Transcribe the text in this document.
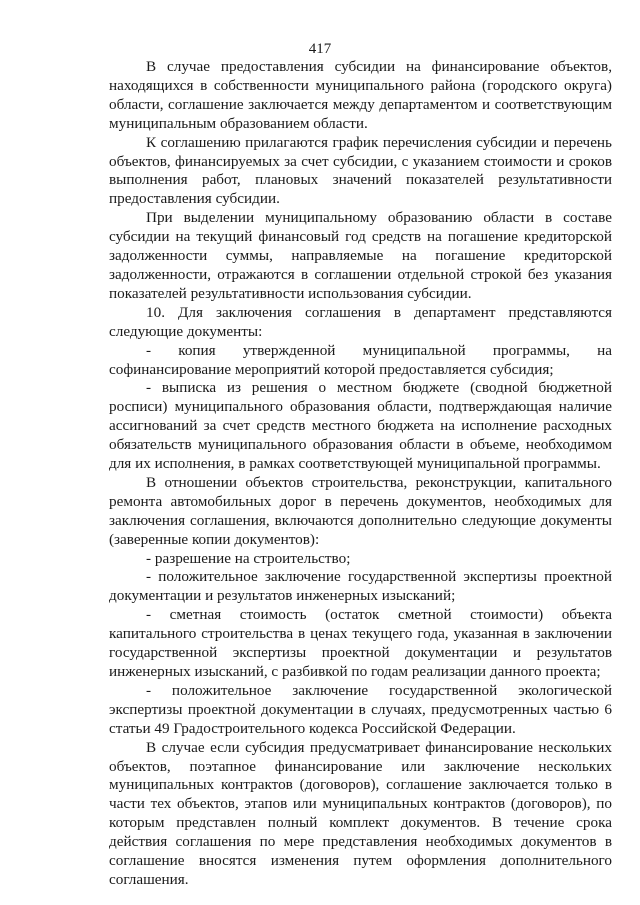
417

В случае предоставления субсидии на финансирование объектов, находящихся в собственности муниципального района (городского округа) области, соглашение заключается между департаментом и соответствующим муниципальным образованием области.

К соглашению прилагаются график перечисления субсидии и перечень объектов, финансируемых за счет субсидии, с указанием стоимости и сроков выполнения работ, плановых значений показателей результативности предоставления субсидии.

При выделении муниципальному образованию области в составе субсидии на текущий финансовый год средств на погашение кредиторской задолженности суммы, направляемые на погашение кредиторской задолженности, отражаются в соглашении отдельной строкой без указания показателей результативности использования субсидии.

10. Для заключения соглашения в департамент представляются следующие документы:

- копия утвержденной муниципальной программы, на софинансирование мероприятий которой предоставляется субсидия;

- выписка из решения о местном бюджете (сводной бюджетной росписи) муниципального образования области, подтверждающая наличие ассигнований за счет средств местного бюджета на исполнение расходных обязательств муниципального образования области в объеме, необходимом для их исполнения, в рамках соответствующей муниципальной программы.

В отношении объектов строительства, реконструкции, капитального ремонта автомобильных дорог в перечень документов, необходимых для заключения соглашения, включаются дополнительно следующие документы (заверенные копии документов):

- разрешение на строительство;

- положительное заключение государственной экспертизы проектной документации и результатов инженерных изысканий;

- сметная стоимость (остаток сметной стоимости) объекта капитального строительства в ценах текущего года, указанная в заключении государственной экспертизы проектной документации и результатов инженерных изысканий, с разбивкой по годам реализации данного проекта;

- положительное заключение государственной экологической экспертизы проектной документации в случаях, предусмотренных частью 6 статьи 49 Градостроительного кодекса Российской Федерации.

В случае если субсидия предусматривает финансирование нескольких объектов, поэтапное финансирование или заключение нескольких муниципальных контрактов (договоров), соглашение заключается только в части тех объектов, этапов или муниципальных контрактов (договоров), по которым представлен полный комплект документов. В течение срока действия соглашения по мере представления необходимых документов в соглашение вносятся изменения путем оформления дополнительного соглашения.
